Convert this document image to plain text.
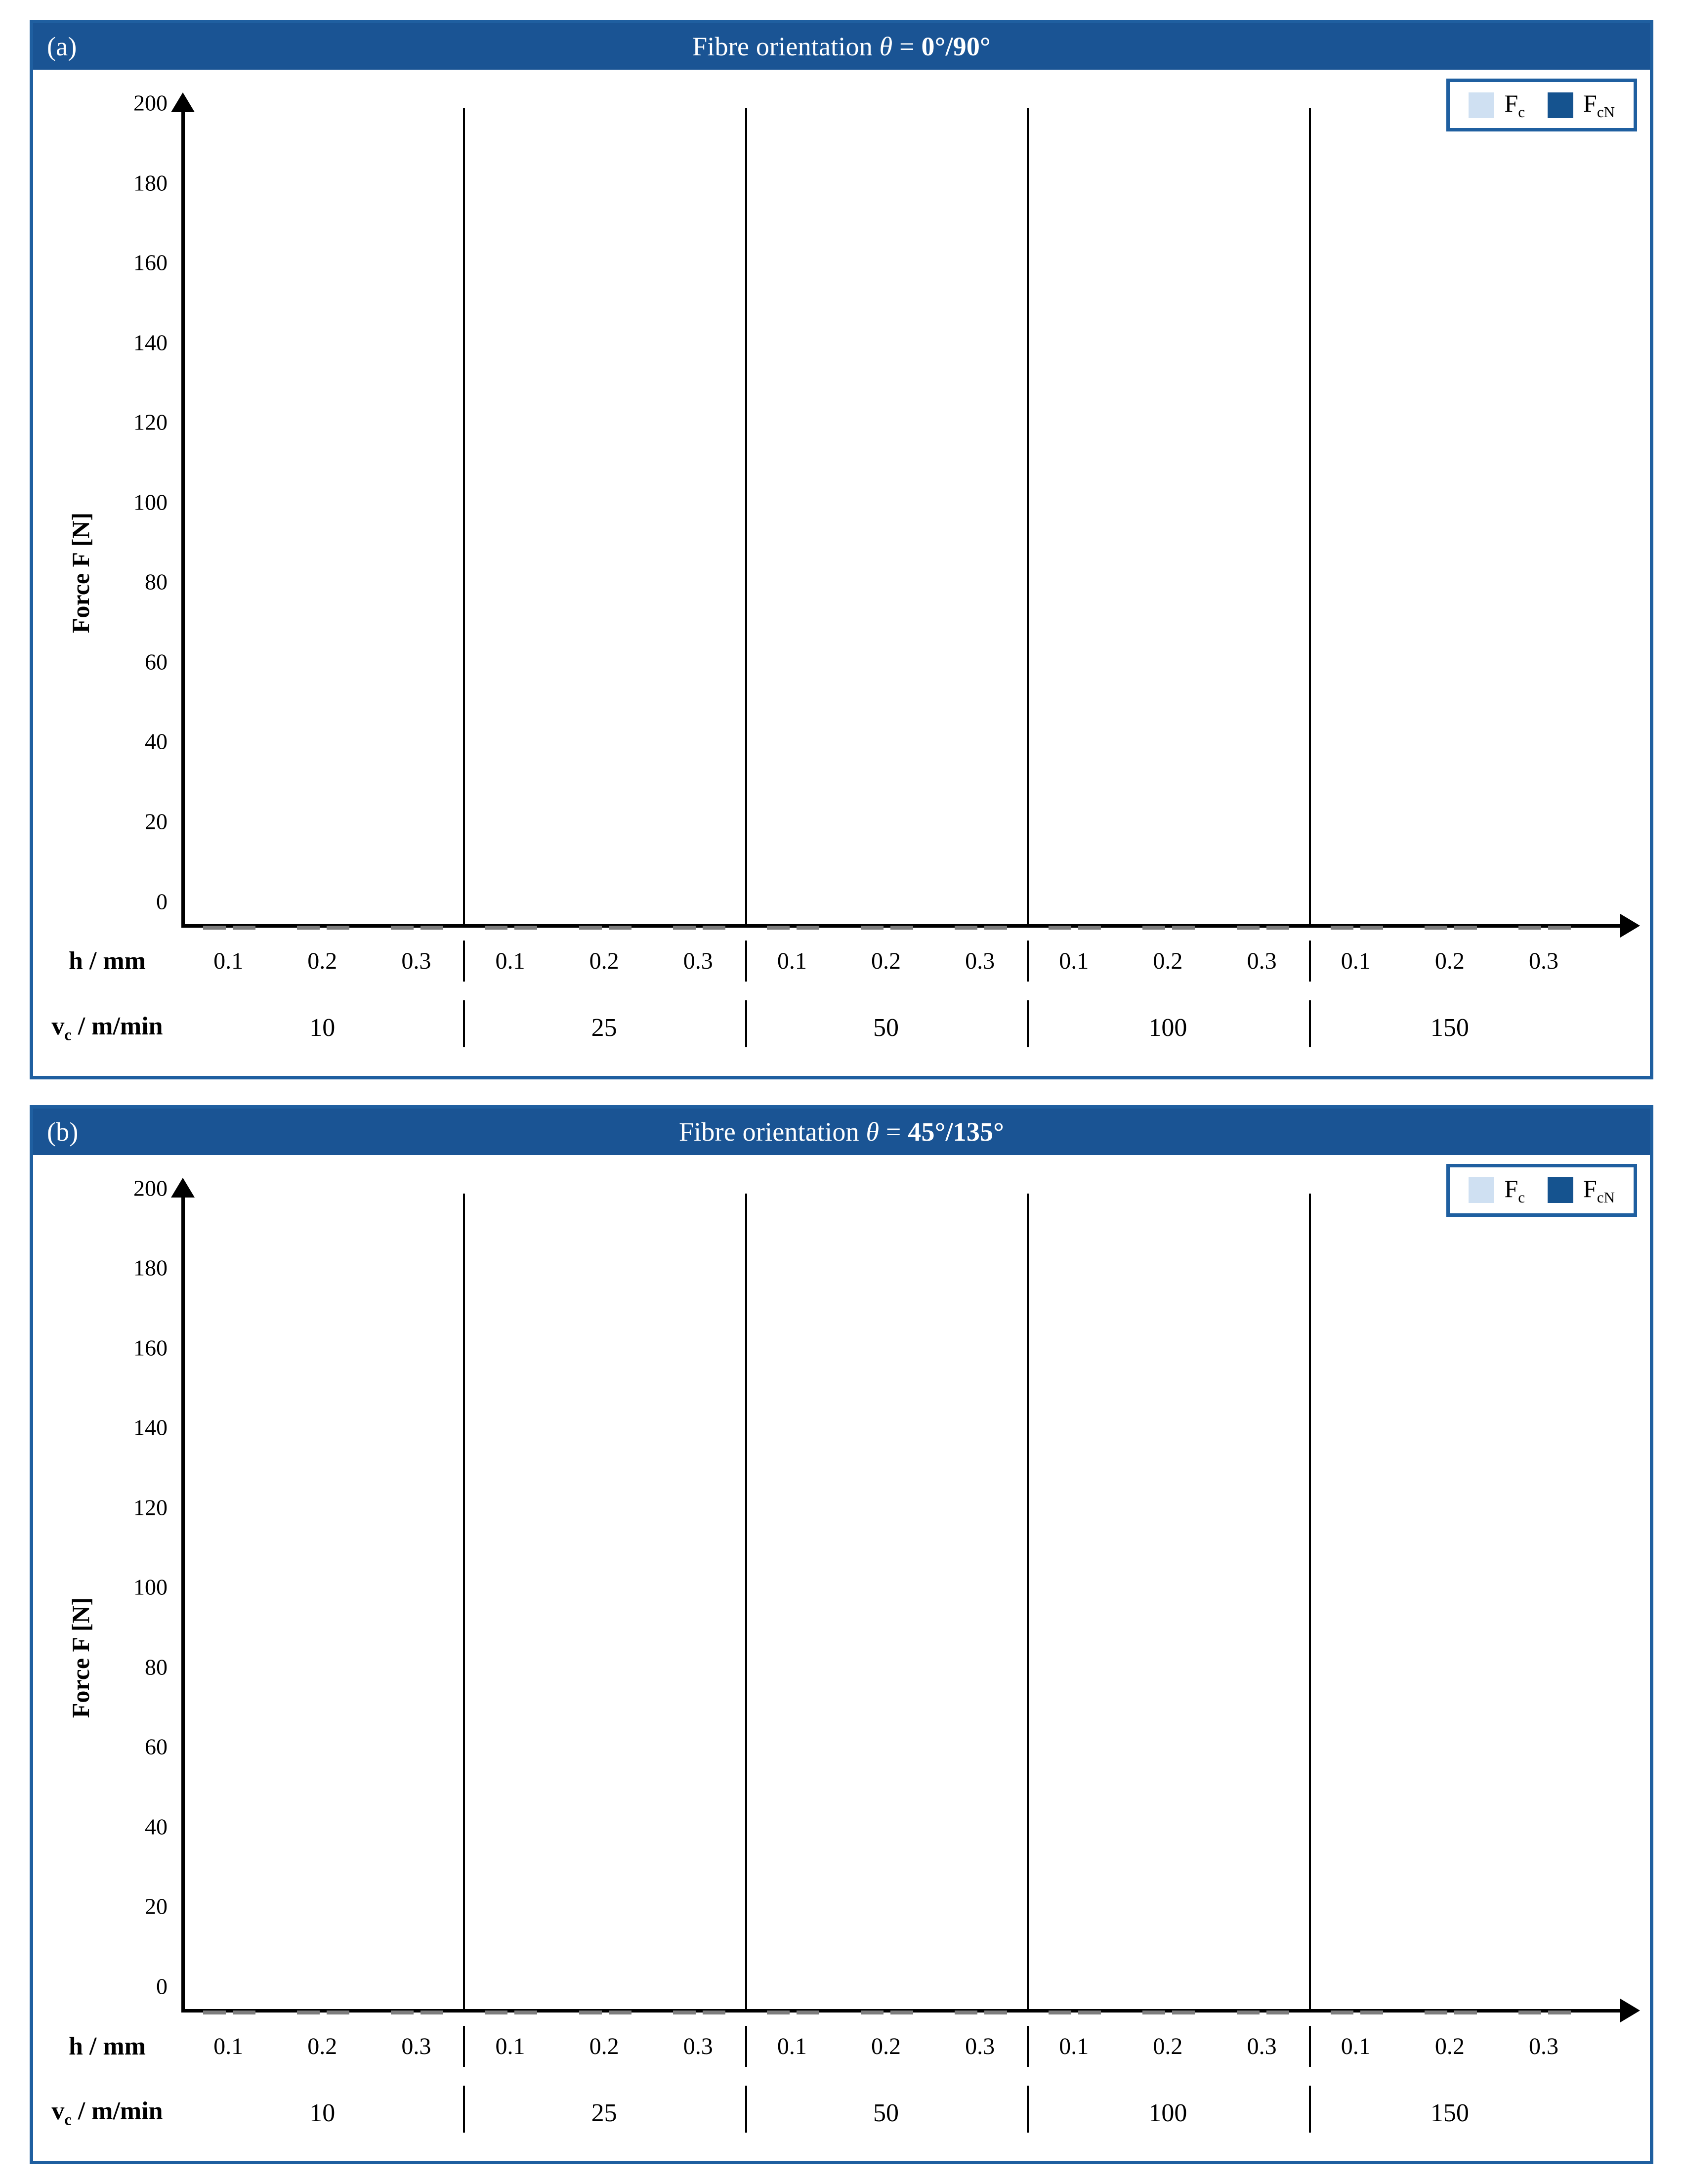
(a)	Fibre orientation θ = 0°/90°
$F_c$ $F_{cN}$
Force F [N]
0
20
40
60
80
100
120
140
160
180
200
h / mm	0.1	0.2	0.3	0.1	0.2	0.3	0.1	0.2	0.3	0.1	0.2	0.3	0.1	0.2	0.3
$v_c / m/\min$	10	25	50	100	150
(b)	Fibre orientation θ = 45°/135°
$F_c$ $F_{cN}$
Force F [N]
0
20
40
60
80
100
120
140
160
180
200
h / mm	0.1	0.2	0.3	0.1	0.2	0.3	0.1	0.2	0.3	0.1	0.2	0.3	0.1	0.2	0.3
$v_c / m/\min$	10	25	50	100	150
